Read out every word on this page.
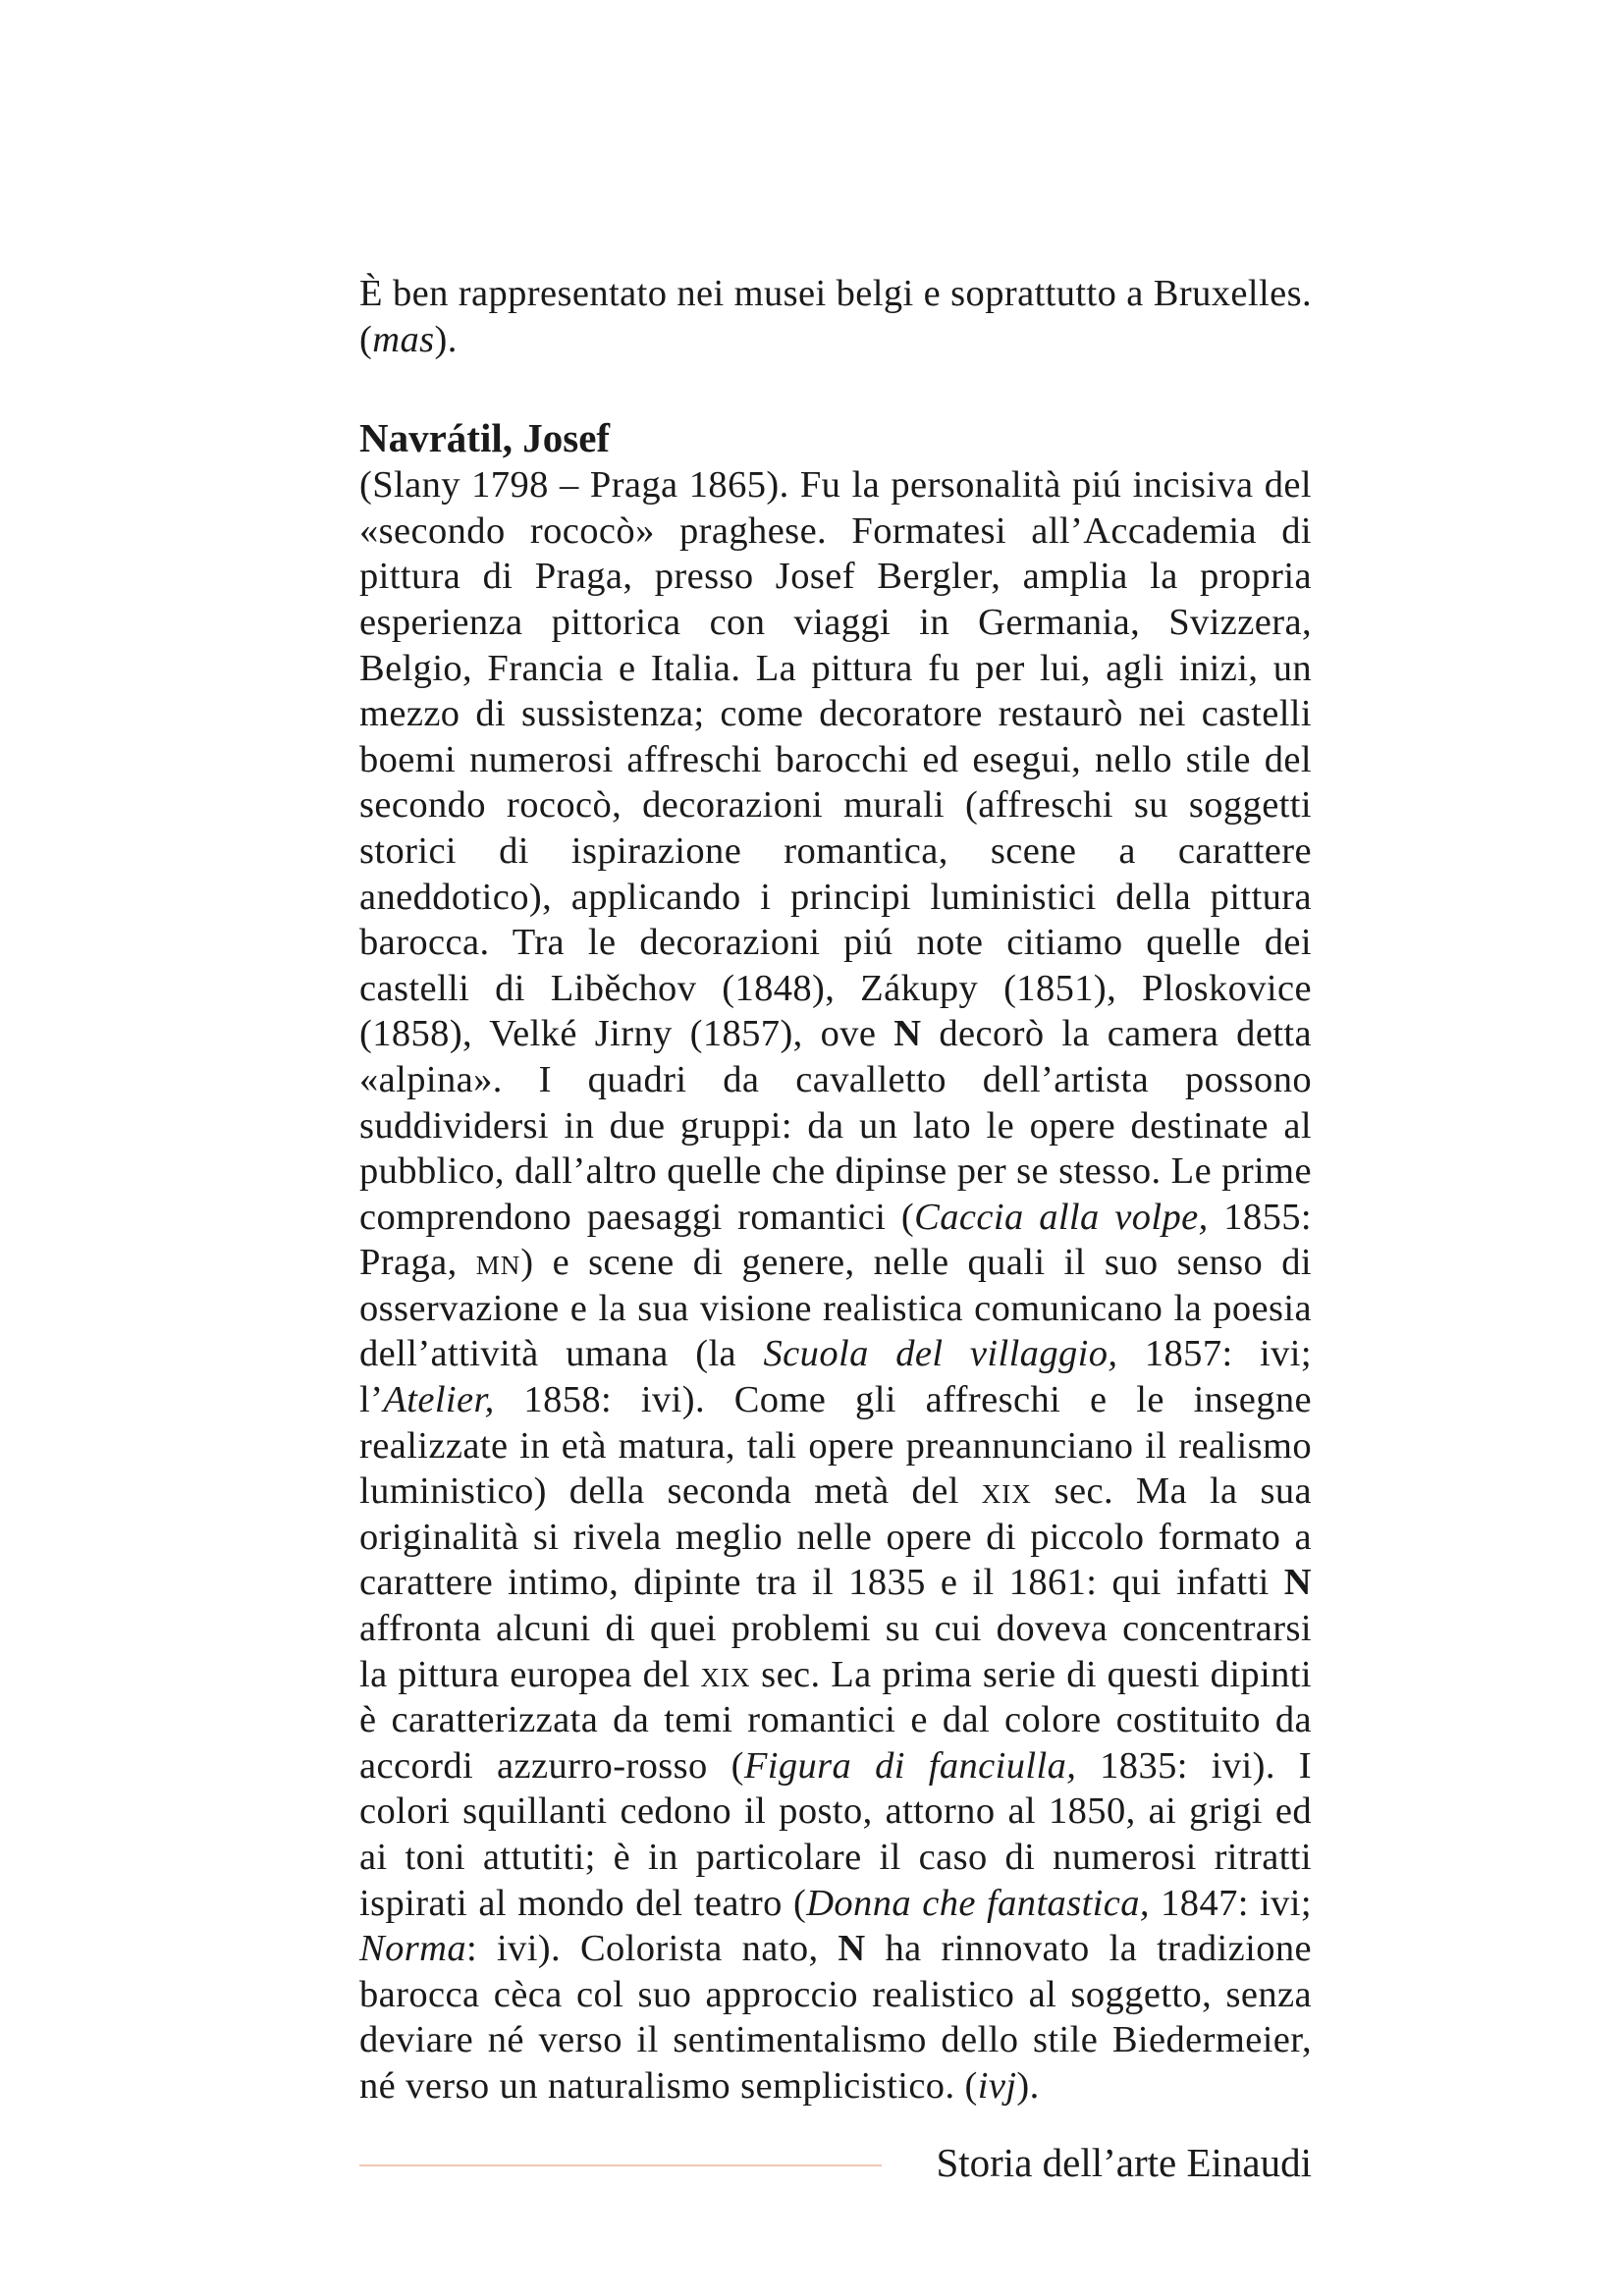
È ben rappresentato nei musei belgi e soprattutto a Bruxelles. (mas).

Navrátil, Josef

(Slany 1798 – Praga 1865). Fu la personalità piú incisiva del «secondo rococò» praghese. Formatesi all’Accademia di pittura di Praga, presso Josef Bergler, amplia la propria esperienza pittorica con viaggi in Germania, Svizzera, Belgio, Francia e Italia. La pittura fu per lui, agli inizi, un mezzo di sussistenza; come decoratore restaurò nei castelli boemi numerosi affreschi barocchi ed esegui, nello stile del secondo rococò, decorazioni murali (affreschi su soggetti storici di ispirazione romantica, scene a carattere aneddotico), applicando i principi luministici della pittura barocca. Tra le decorazioni piú note citiamo quelle dei castelli di Liběchov (1848), Zákupy (1851), Ploskovice (1858), Velké Jirny (1857), ove N decorò la camera detta «alpina». I quadri da cavalletto dell’artista possono suddividersi in due gruppi: da un lato le opere destinate al pubblico, dall’altro quelle che dipinse per se stesso. Le prime comprendono paesaggi romantici (Caccia alla volpe, 1855: Praga, mn) e scene di genere, nelle quali il suo senso di osservazione e la sua visione realistica comunicano la poesia dell’attività umana (la Scuola del villaggio, 1857: ivi; l’Atelier, 1858: ivi). Come gli affreschi e le insegne realizzate in età matura, tali opere preannunciano il realismo luministico) della seconda metà del xix sec. Ma la sua originalità si rivela meglio nelle opere di piccolo formato a carattere intimo, dipinte tra il 1835 e il 1861: qui infatti N affronta alcuni di quei problemi su cui doveva concentrarsi la pittura europea del xix sec. La prima serie di questi dipinti è caratterizzata da temi romantici e dal colore costituito da accordi azzurro-rosso (Figura di fanciulla, 1835: ivi). I colori squillanti cedono il posto, attorno al 1850, ai grigi ed ai toni attutiti; è in particolare il caso di numerosi ritratti ispirati al mondo del teatro (Donna che fantastica, 1847: ivi; Norma: ivi). Colorista nato, N ha rinnovato la tradizione barocca cèca col suo approccio realistico al soggetto, senza deviare né verso il sentimentalismo dello stile Biedermeier, né verso un naturalismo semplicistico. (ivj).

Storia dell’arte Einaudi
